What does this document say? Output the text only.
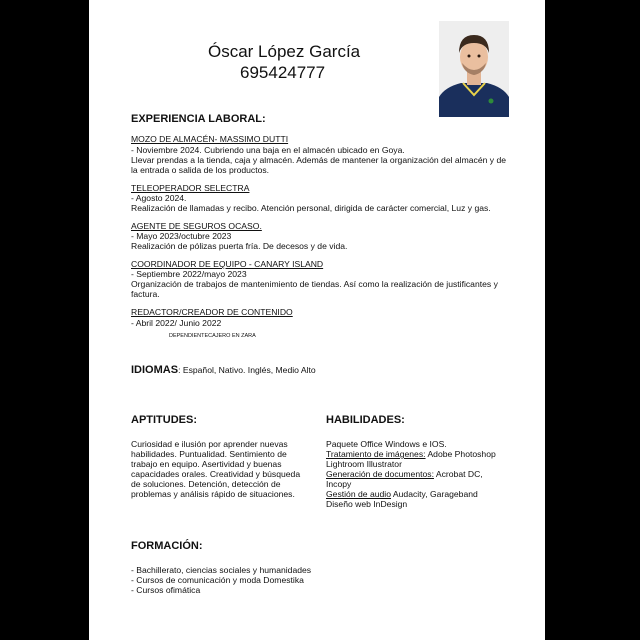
Óscar López García
695424777
EXPERIENCIA LABORAL:
MOZO DE ALMACÉN- MASSIMO DUTTI
- Noviembre 2024. Cubriendo una baja en el almacén ubicado en Goya.
Llevar prendas a la tienda, caja y almacén. Además de mantener la organización del almacén y de
la entrada o salida de los productos.
TELEOPERADOR SELECTRA
- Agosto 2024.
Realización de llamadas y recibo. Atención personal, dirigida de carácter comercial, Luz y gas.
AGENTE DE SEGUROS OCASO.
- Mayo 2023/octubre 2023
Realización de pólizas puerta fría. De decesos y de vida.
COORDINADOR DE EQUIPO - CANARY ISLAND
- Septiembre 2022/mayo 2023
Organización de trabajos de mantenimiento de tiendas. Así como la realización de justificantes y
factura.
REDACTOR/CREADOR DE CONTENIDO
- Abril 2022/ Junio 2022
DEPENDIENTECAJERO EN ZARA
IDIOMAS: Español, Nativo. Inglés, Medio Alto
APTITUDES:
Curiosidad e ilusión por aprender nuevas
habilidades. Puntualidad. Sentimiento de
trabajo en equipo. Asertividad y buenas
capacidades orales. Creatividad y búsqueda
de soluciones. Detención, detección de
problemas y análisis rápido de situaciones.
HABILIDADES:
Paquete Office Windows e IOS.
Tratamiento de imágenes: Adobe Photoshop
Lightroom Illustrator
Generación de documentos: Acrobat DC,
Incopy
Gestión de audio Audacity, Garageband
Diseño web InDesign
FORMACIÓN:
- Bachillerato, ciencias sociales y humanidades
- Cursos de comunicación y moda Domestika
- Cursos ofimática
